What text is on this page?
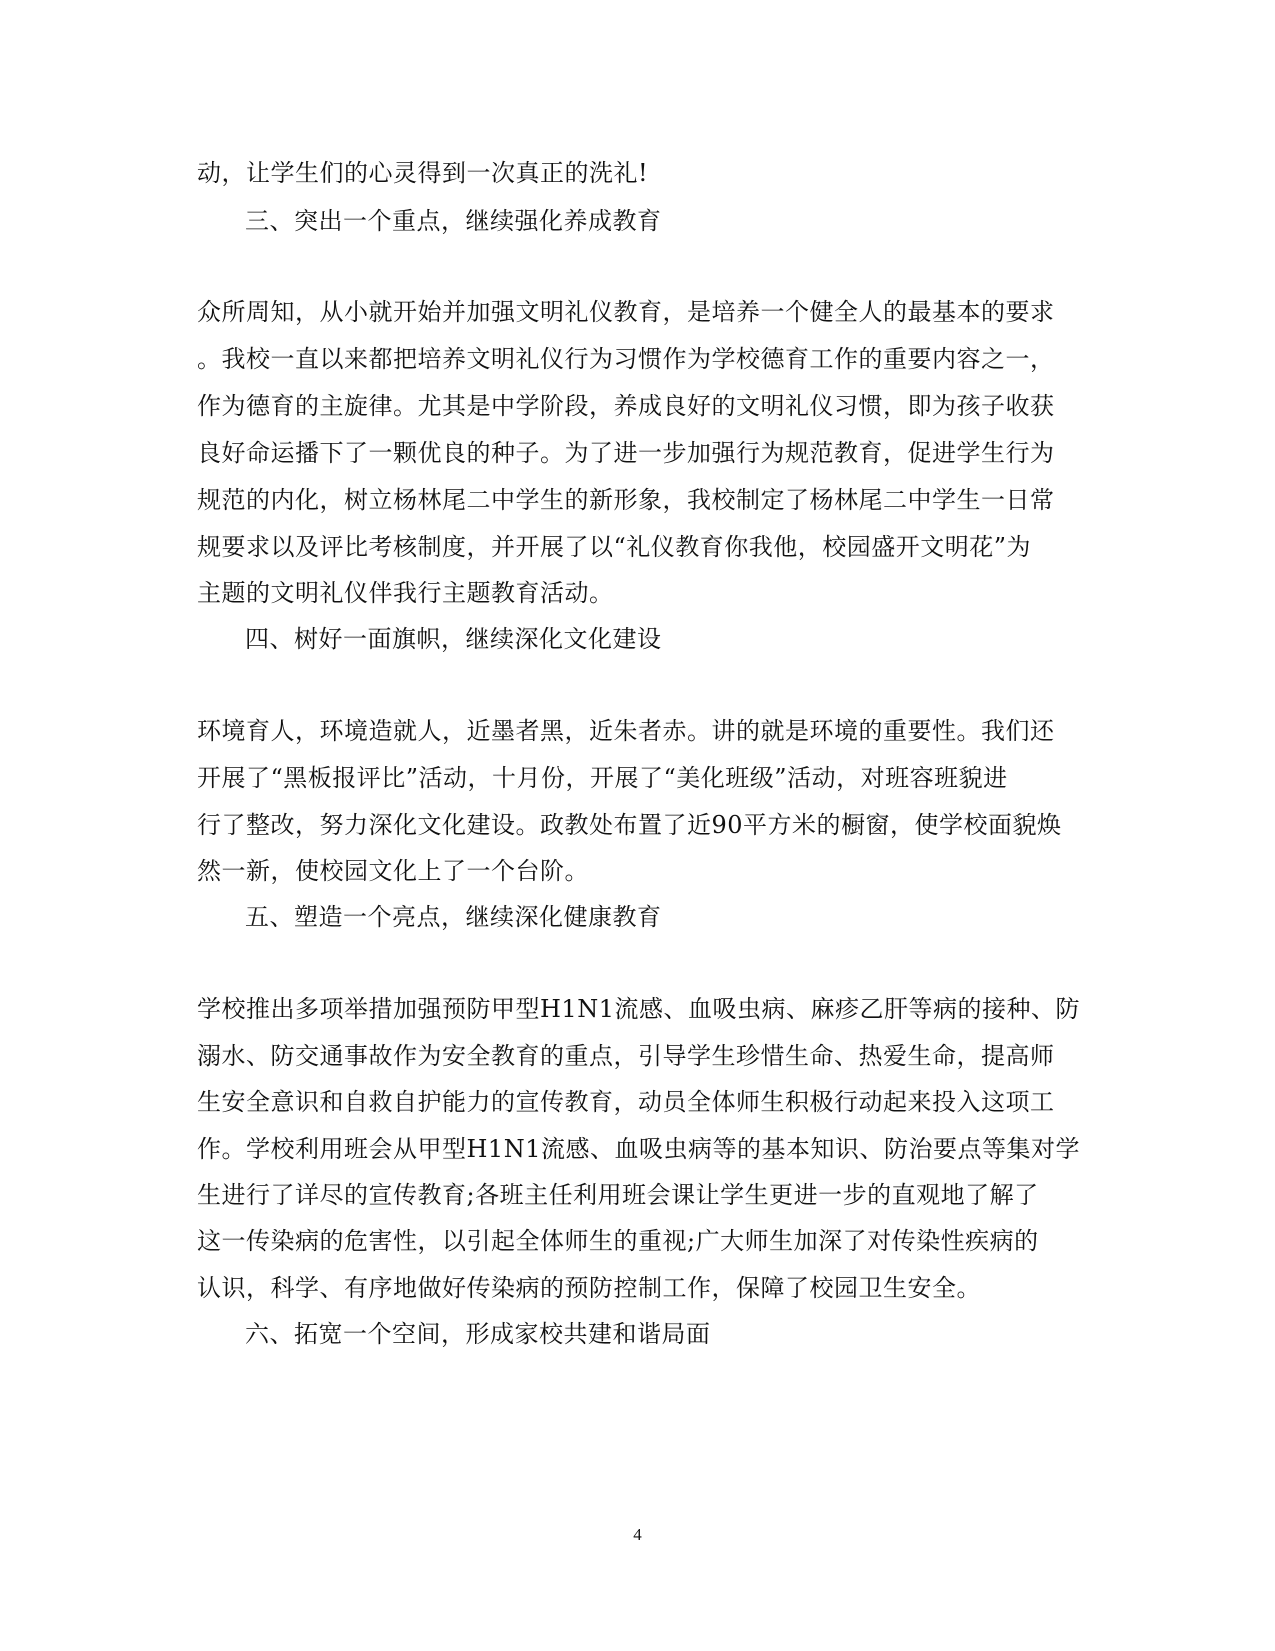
动，让学生们的心灵得到一次真正的洗礼!
三、突出一个重点，继续强化养成教育
众所周知，从小就开始并加强文明礼仪教育，是培养一个健全人的最基本的要求
。我校一直以来都把培养文明礼仪行为习惯作为学校德育工作的重要内容之一，
作为德育的主旋律。尤其是中学阶段，养成良好的文明礼仪习惯，即为孩子收获
良好命运播下了一颗优良的种子。为了进一步加强行为规范教育，促进学生行为
规范的内化，树立杨林尾二中学生的新形象，我校制定了杨林尾二中学生一日常
规要求以及评比考核制度，并开展了以“礼仪教育你我他，校园盛开文明花”为
主题的文明礼仪伴我行主题教育活动。
四、树好一面旗帜，继续深化文化建设
环境育人，环境造就人，近墨者黑，近朱者赤。讲的就是环境的重要性。我们还
开展了“黑板报评比”活动，十月份，开展了“美化班级”活动，对班容班貌进
行了整改，努力深化文化建设。政教处布置了近90平方米的橱窗，使学校面貌焕
然一新，使校园文化上了一个台阶。
五、塑造一个亮点，继续深化健康教育
学校推出多项举措加强预防甲型H1N1流感、血吸虫病、麻疹乙肝等病的接种、防
溺水、防交通事故作为安全教育的重点，引导学生珍惜生命、热爱生命，提高师
生安全意识和自救自护能力的宣传教育，动员全体师生积极行动起来投入这项工
作。学校利用班会从甲型H1N1流感、血吸虫病等的基本知识、防治要点等集对学
生进行了详尽的宣传教育;各班主任利用班会课让学生更进一步的直观地了解了
这一传染病的危害性，以引起全体师生的重视;广大师生加深了对传染性疾病的
认识，科学、有序地做好传染病的预防控制工作，保障了校园卫生安全。
六、拓宽一个空间，形成家校共建和谐局面
4
